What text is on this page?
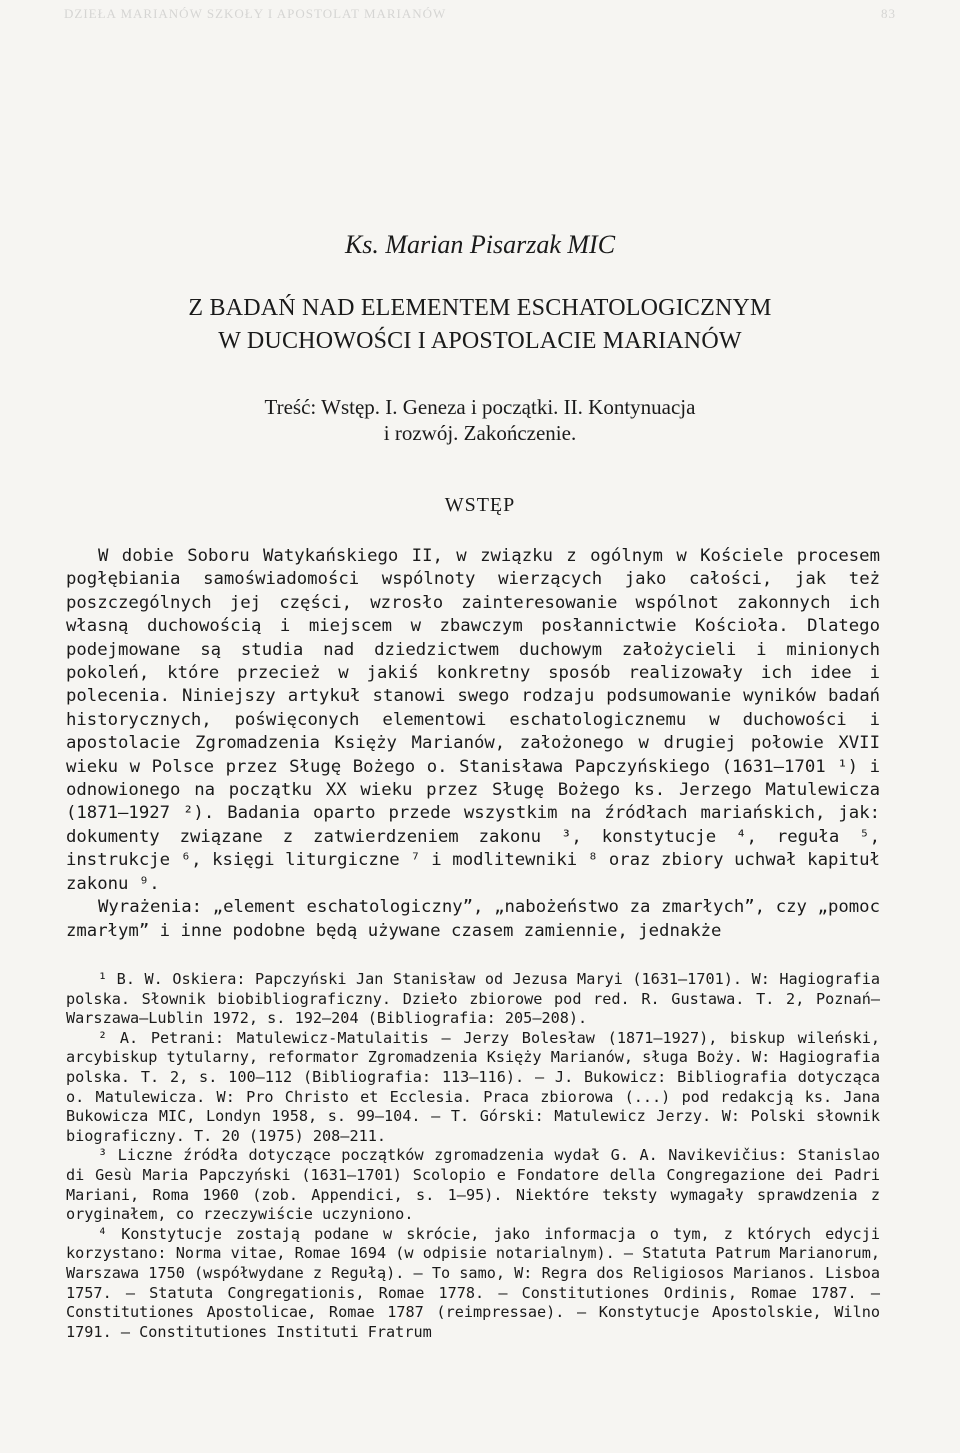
DZIEŁA MARIANÓW SZKOŁY I APOSTOLAT MARIANÓW	83
Ks. Marian Pisarzak MIC
Z BADAŃ NAD ELEMENTEM ESCHATOLOGICZNYM
W DUCHOWOŚCI I APOSTOLACIE MARIANÓW
Treść: Wstęp. I. Geneza i początki. II. Kontynuacja
i rozwój. Zakończenie.
WSTĘP

W dobie Soboru Watykańskiego II, w związku z ogólnym w Kościele procesem pogłębiania samoświadomości wspólnoty wierzących jako całości, jak też poszczególnych jej części, wzrosło zainteresowanie wspólnot zakonnych ich własną duchowością i miejscem w zbawczym posłannictwie Kościoła. Dlatego podejmowane są studia nad dziedzictwem duchowym założycieli i minionych pokoleń, które przecież w jakiś konkretny sposób realizowały ich idee i polecenia. Niniejszy artykuł stanowi swego rodzaju podsumowanie wyników badań historycznych, poświęconych elementowi eschatologicznemu w duchowości i apostolacie Zgromadzenia Księży Marianów, założonego w drugiej połowie XVII wieku w Polsce przez Sługę Bożego o. Stanisława Papczyńskiego (1631—1701 ¹) i odnowionego na początku XX wieku przez Sługę Bożego ks. Jerzego Matulewicza (1871—1927 ²). Badania oparto przede wszystkim na źródłach mariańskich, jak: dokumenty związane z zatwierdzeniem zakonu ³, konstytucje ⁴, reguła ⁵, instrukcje ⁶, księgi liturgiczne ⁷ i modlitewniki ⁸ oraz zbiory uchwał kapituł zakonu ⁹.

Wyrażenia: „element eschatologiczny”, „nabożeństwo za zmarłych”, czy „pomoc zmarłym” i inne podobne będą używane czasem zamiennie, jednakże

¹ B. W. Oskiera: Papczyński Jan Stanisław od Jezusa Maryi (1631—1701). W: Hagiografia polska. Słownik biobibliograficzny. Dzieło zbiorowe pod red. R. Gustawa. T. 2, Poznań—Warszawa—Lublin 1972, s. 192—204 (Bibliografia: 205—208).

² A. Petrani: Matulewicz-Matulaitis — Jerzy Bolesław (1871—1927), biskup wileński, arcybiskup tytularny, reformator Zgromadzenia Księży Marianów, sługa Boży. W: Hagiografia polska. T. 2, s. 100—112 (Bibliografia: 113—116). — J. Bukowicz: Bibliografia dotycząca o. Matulewicza. W: Pro Christo et Ecclesia. Praca zbiorowa (...) pod redakcją ks. Jana Bukowicza MIC, Londyn 1958, s. 99—104. — T. Górski: Matulewicz Jerzy. W: Polski słownik biograficzny. T. 20 (1975) 208—211.

³ Liczne źródła dotyczące początków zgromadzenia wydał G. A. Navikevičius: Stanislao di Gesù Maria Papczyński (1631—1701) Scolopio e Fondatore della Congregazione dei Padri Mariani, Roma 1960 (zob. Appendici, s. 1—95). Niektóre teksty wymagały sprawdzenia z oryginałem, co rzeczywiście uczyniono.

⁴ Konstytucje zostają podane w skrócie, jako informacja o tym, z których edycji korzystano: Norma vitae, Romae 1694 (w odpisie notarialnym). — Statuta Patrum Marianorum, Warszawa 1750 (współwydane z Regułą). — To samo, W: Regra dos Religiosos Marianos. Lisboa 1757. — Statuta Congregationis, Romae 1778. — Constitutiones Ordinis, Romae 1787. — Constitutiones Apostolicae, Romae 1787 (reimpressae). — Konstytucje Apostolskie, Wilno 1791. — Constitutiones Instituti Fratrum
